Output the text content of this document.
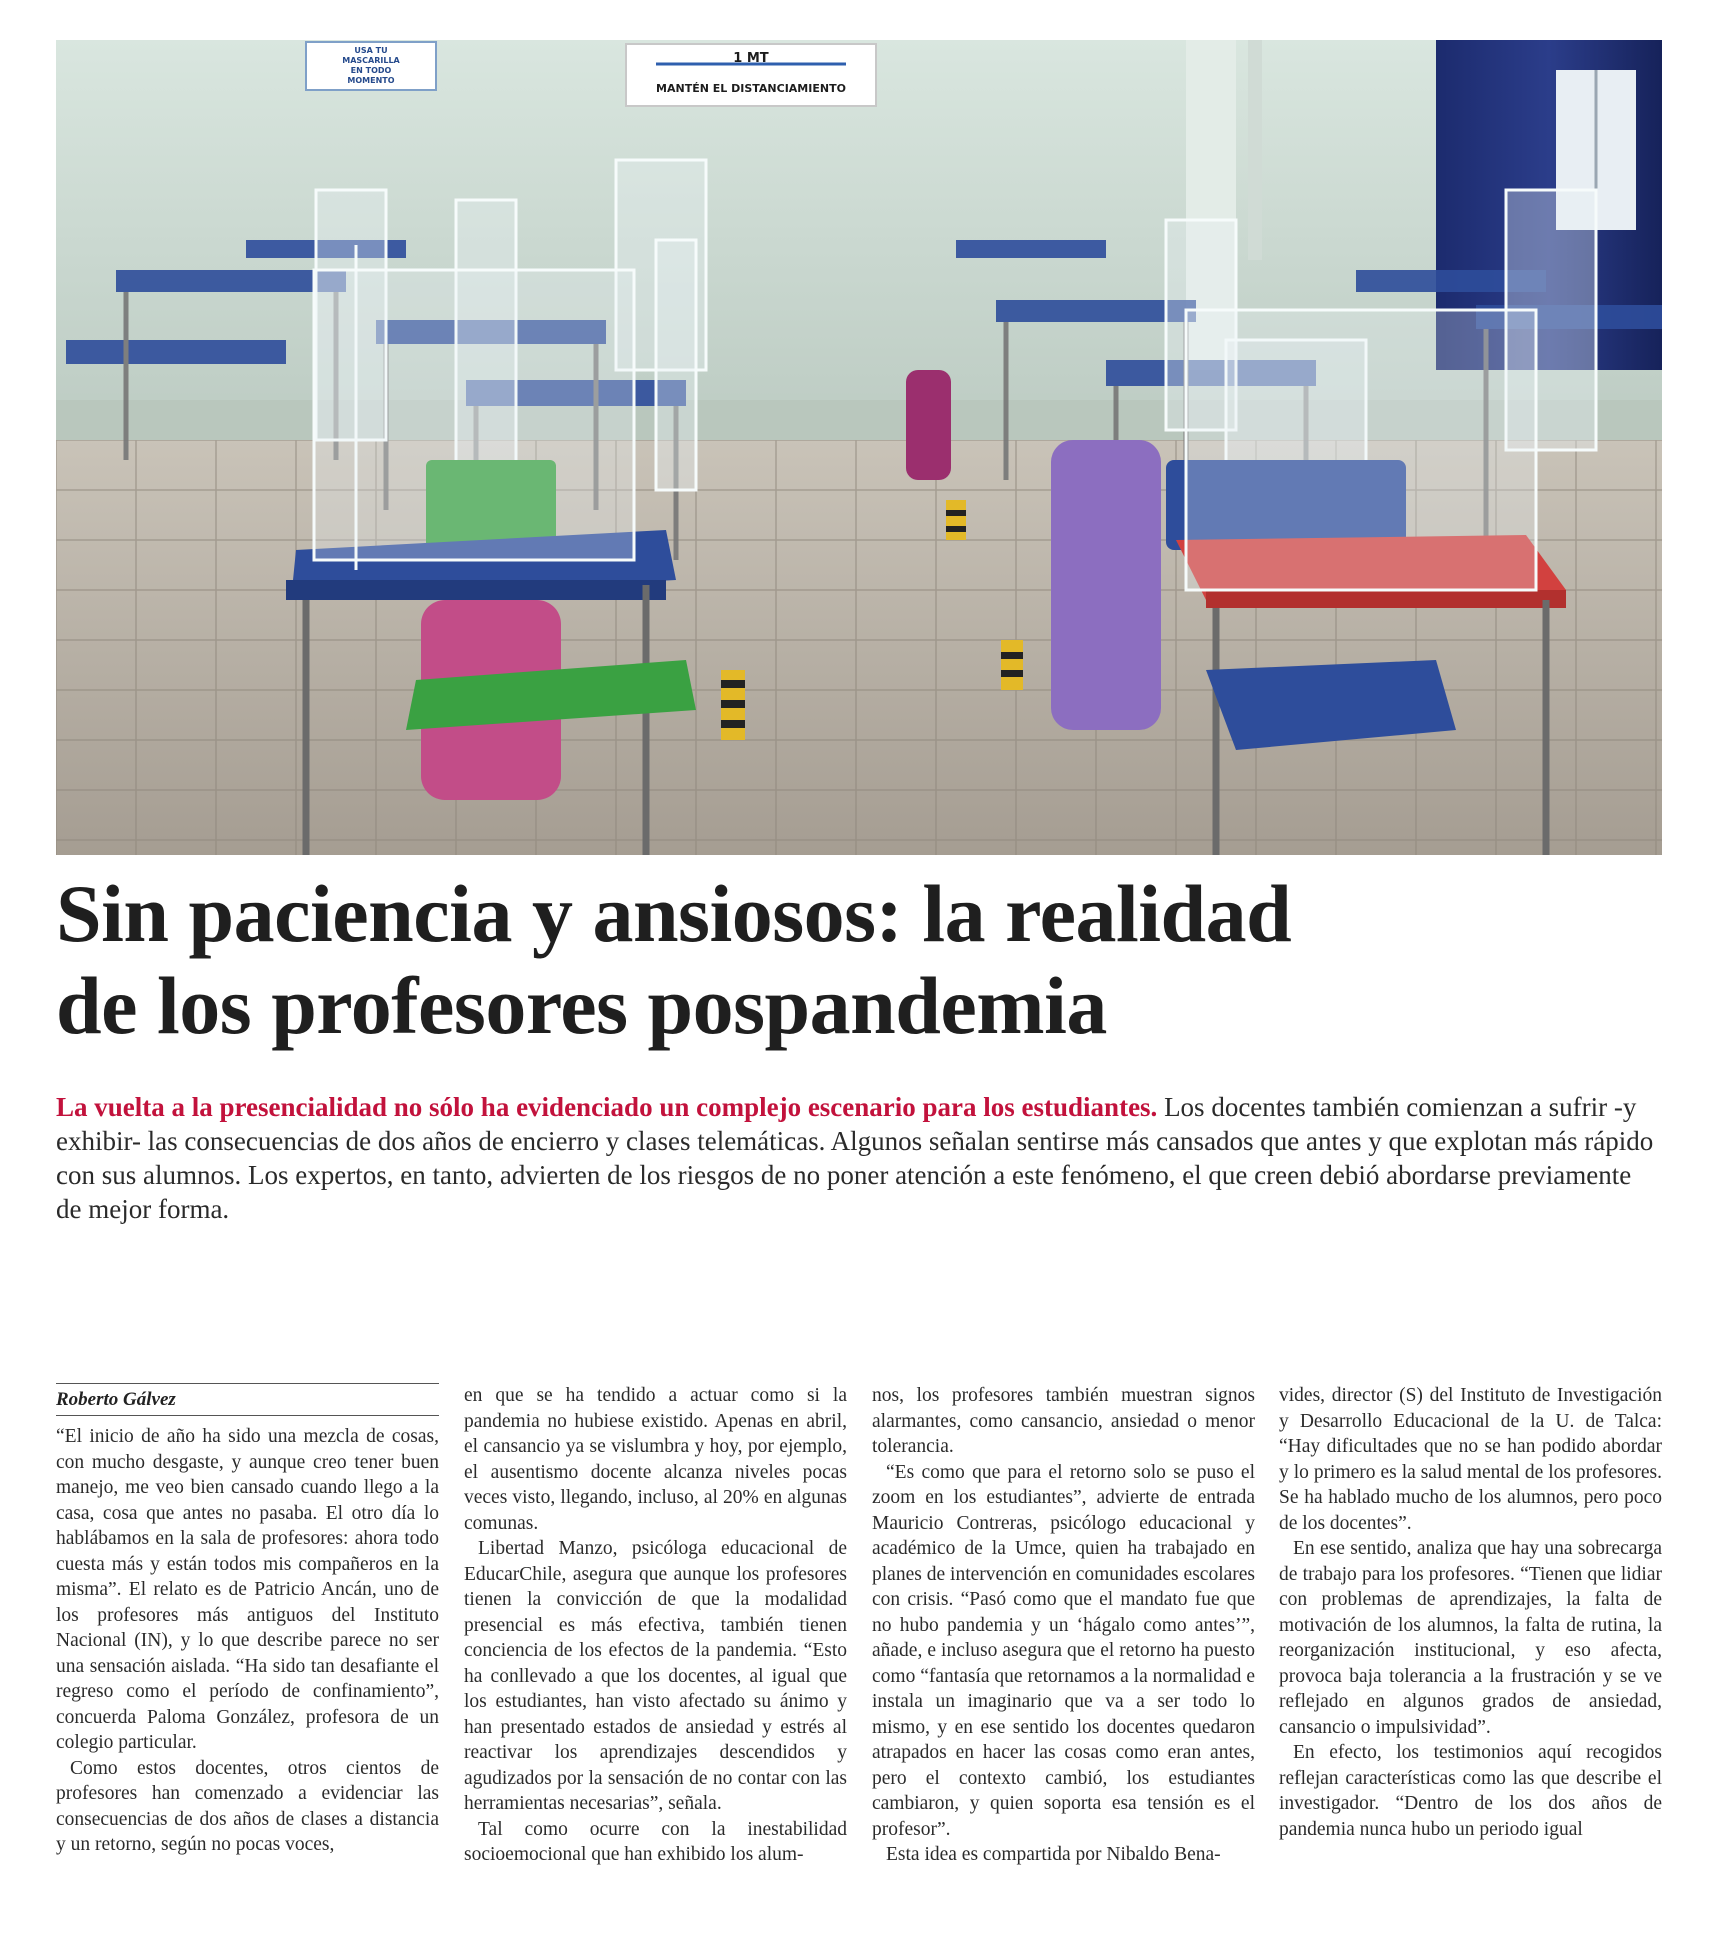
USA TU
MASCARILLA
EN TODO
MOMENTO
1 MT
MANTÉN EL DISTANCIAMIENTO
Sin paciencia y ansiosos: la realidad
de los profesores pospandemia

La vuelta a la presencialidad no sólo ha evidenciado un complejo escenario para los estudiantes. Los docentes también comienzan a sufrir -y exhibir- las consecuencias de dos años de encierro y clases telemáticas. Algunos señalan sentirse más cansados que antes y que explotan más rápido con sus alumnos. Los expertos, en tanto, advierten de los riesgos de no poner atención a este fenómeno, el que creen debió abordarse previamente de mejor forma.

Roberto Gálvez

“El inicio de año ha sido una mezcla de cosas, con mucho desgaste, y aunque creo tener buen manejo, me veo bien cansado cuando llego a la casa, cosa que antes no pasaba. El otro día lo hablábamos en la sala de profesores: ahora todo cuesta más y están todos mis compañeros en la misma”. El relato es de Patricio Ancán, uno de los profesores más antiguos del Instituto Nacional (IN), y lo que describe parece no ser una sensación aislada. “Ha sido tan desafiante el regreso como el período de confinamiento”, concuerda Paloma González, profesora de un colegio particular.

Como estos docentes, otros cientos de profesores han comenzado a evidenciar las consecuencias de dos años de clases a distancia y un retorno, según no pocas voces,

en que se ha tendido a actuar como si la pandemia no hubiese existido. Apenas en abril, el cansancio ya se vislumbra y hoy, por ejemplo, el ausentismo docente alcanza niveles pocas veces visto, llegando, incluso, al 20% en algunas comunas.

Libertad Manzo, psicóloga educacional de EducarChile, asegura que aunque los profesores tienen la convicción de que la modalidad presencial es más efectiva, también tienen conciencia de los efectos de la pandemia. “Esto ha conllevado a que los docentes, al igual que los estudiantes, han visto afectado su ánimo y han presentado estados de ansiedad y estrés al reactivar los aprendizajes descendidos y agudizados por la sensación de no contar con las herramientas necesarias”, señala.

Tal como ocurre con la inestabilidad socioemocional que han exhibido los alum-

nos, los profesores también muestran signos alarmantes, como cansancio, ansiedad o menor tolerancia.

“Es como que para el retorno solo se puso el zoom en los estudiantes”, advierte de entrada Mauricio Contreras, psicólogo educacional y académico de la Umce, quien ha trabajado en planes de intervención en comunidades escolares con crisis. “Pasó como que el mandato fue que no hubo pandemia y un ‘hágalo como antes’”, añade, e incluso asegura que el retorno ha puesto como “fantasía que retornamos a la normalidad e instala un imaginario que va a ser todo lo mismo, y en ese sentido los docentes quedaron atrapados en hacer las cosas como eran antes, pero el contexto cambió, los estudiantes cambiaron, y quien soporta esa tensión es el profesor”.

Esta idea es compartida por Nibaldo Bena-

vides, director (S) del Instituto de Investigación y Desarrollo Educacional de la U. de Talca: “Hay dificultades que no se han podido abordar y lo primero es la salud mental de los profesores. Se ha hablado mucho de los alumnos, pero poco de los docentes”.

En ese sentido, analiza que hay una sobrecarga de trabajo para los profesores. “Tienen que lidiar con problemas de aprendizajes, la falta de motivación de los alumnos, la falta de rutina, la reorganización institucional, y eso afecta, provoca baja tolerancia a la frustración y se ve reflejado en algunos grados de ansiedad, cansancio o impulsividad”.

En efecto, los testimonios aquí recogidos reflejan características como las que describe el investigador. “Dentro de los dos años de pandemia nunca hubo un periodo igual
